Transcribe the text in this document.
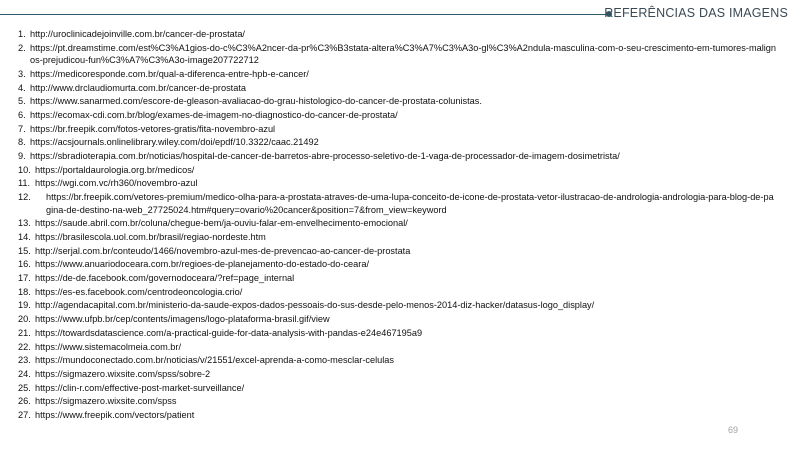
REFERÊNCIAS DAS IMAGENS
1. http://uroclinicadejoinville.com.br/cancer-de-prostata/
2. https://pt.dreamstime.com/est%C3%A1gios-do-c%C3%A2ncer-da-pr%C3%B3stata-altera%C3%A7%C3%A3o-gl%C3%A2ndula-masculina-com-o-seu-crescimento-em-tumores-malignos-prejudicou-fun%C3%A7%C3%A3o-image207722712
3. https://medicoresponde.com.br/qual-a-diferenca-entre-hpb-e-cancer/
4. http://www.drclaudiomurta.com.br/cancer-de-prostata
5. https://www.sanarmed.com/escore-de-gleason-avaliacao-do-grau-histologico-do-cancer-de-prostata-colunistas.
6. https://ecomax-cdi.com.br/blog/exames-de-imagem-no-diagnostico-do-cancer-de-prostata/
7. https://br.freepik.com/fotos-vetores-gratis/fita-novembro-azul
8. https://acsjournals.onlinelibrary.wiley.com/doi/epdf/10.3322/caac.21492
9. https://sbradioterapia.com.br/noticias/hospital-de-cancer-de-barretos-abre-processo-seletivo-de-1-vaga-de-processador-de-imagem-dosimetrista/
10. https://portaldaurologia.org.br/medicos/
11. https://wgi.com.vc/rh360/novembro-azul
12.	https://br.freepik.com/vetores-premium/medico-olha-para-a-prostata-atraves-de-uma-lupa-conceito-de-icone-de-prostata-vetor-ilustracao-de-andrologia-andrologia-para-blog-de-pagina-de-destino-na-web_27725024.htm#query=ovario%20cancer&position=7&from_view=keyword
13. https://saude.abril.com.br/coluna/chegue-bem/ja-ouviu-falar-em-envelhecimento-emocional/
14. https://brasilescola.uol.com.br/brasil/regiao-nordeste.htm
15. http://serjal.com.br/conteudo/1466/novembro-azul-mes-de-prevencao-ao-cancer-de-prostata
16. https://www.anuariodoceara.com.br/regioes-de-planejamento-do-estado-do-ceara/
17. https://de-de.facebook.com/governodoceara/?ref=page_internal
18. https://es-es.facebook.com/centrodeoncologia.crio/
19. http://agendacapital.com.br/ministerio-da-saude-expos-dados-pessoais-do-sus-desde-pelo-menos-2014-diz-hacker/datasus-logo_display/
20. https://www.ufpb.br/cep/contents/imagens/logo-plataforma-brasil.gif/view
21. https://towardsdatascience.com/a-practical-guide-for-data-analysis-with-pandas-e24e467195a9
22. https://www.sistemacolmeia.com.br/
23. https://mundoconectado.com.br/noticias/v/21551/excel-aprenda-a-como-mesclar-celulas
24. https://sigmazero.wixsite.com/spss/sobre-2
25. https://clin-r.com/effective-post-market-surveillance/
26. https://sigmazero.wixsite.com/spss
27. https://www.freepik.com/vectors/patient
69
